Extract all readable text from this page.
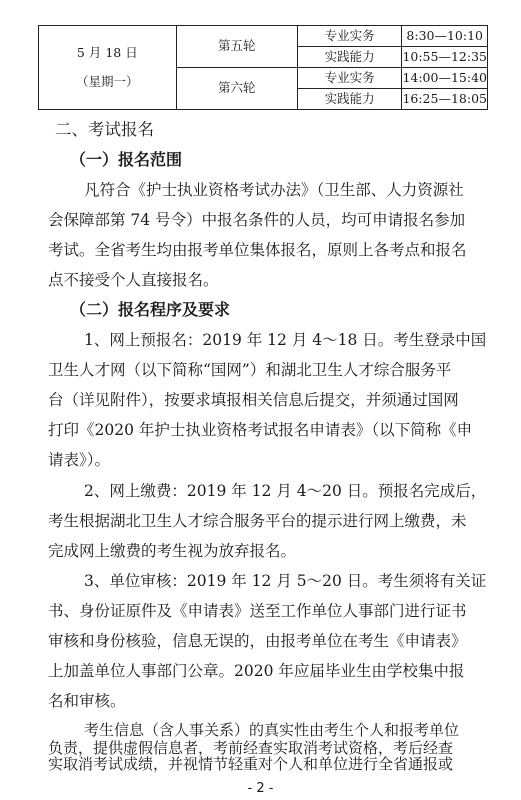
5 月 18 日
（星期一）	第五轮	专业实务	8:30—10:10
		实践能力	10:55—12:35
	第六轮	专业实务	14:00—15:40
		实践能力	16:25—18:05
二、考试报名
（一）报名范围
凡符合《护士执业资格考试办法》（卫生部、人力资源社
会保障部第 74 号令）中报名条件的人员，均可申请报名参加
考试。全省考生均由报考单位集体报名，原则上各考点和报名
点不接受个人直接报名。
（二）报名程序及要求
1、网上预报名：2019 年 12 月 4～18 日。考生登录中国
卫生人才网（以下简称“国网”）和湖北卫生人才综合服务平
台（详见附件），按要求填报相关信息后提交，并须通过国网
打印《2020 年护士执业资格考试报名申请表》（以下简称《申
请表》）。
2、网上缴费：2019 年 12 月 4～20 日。预报名完成后，
考生根据湖北卫生人才综合服务平台的提示进行网上缴费，未
完成网上缴费的考生视为放弃报名。
3、单位审核：2019 年 12 月 5～20 日。考生须将有关证
书、身份证原件及《申请表》送至工作单位人事部门进行证书
审核和身份核验，信息无误的，由报考单位在考生《申请表》
上加盖单位人事部门公章。2020 年应届毕业生由学校集中报
名和审核。
考生信息（含人事关系）的真实性由考生个人和报考单位
- 2 -
负责，提供虚假信息者，考前经查实取消考试资格，考后经查
实取消考试成绩，并视情节轻重对个人和单位进行全省通报或
